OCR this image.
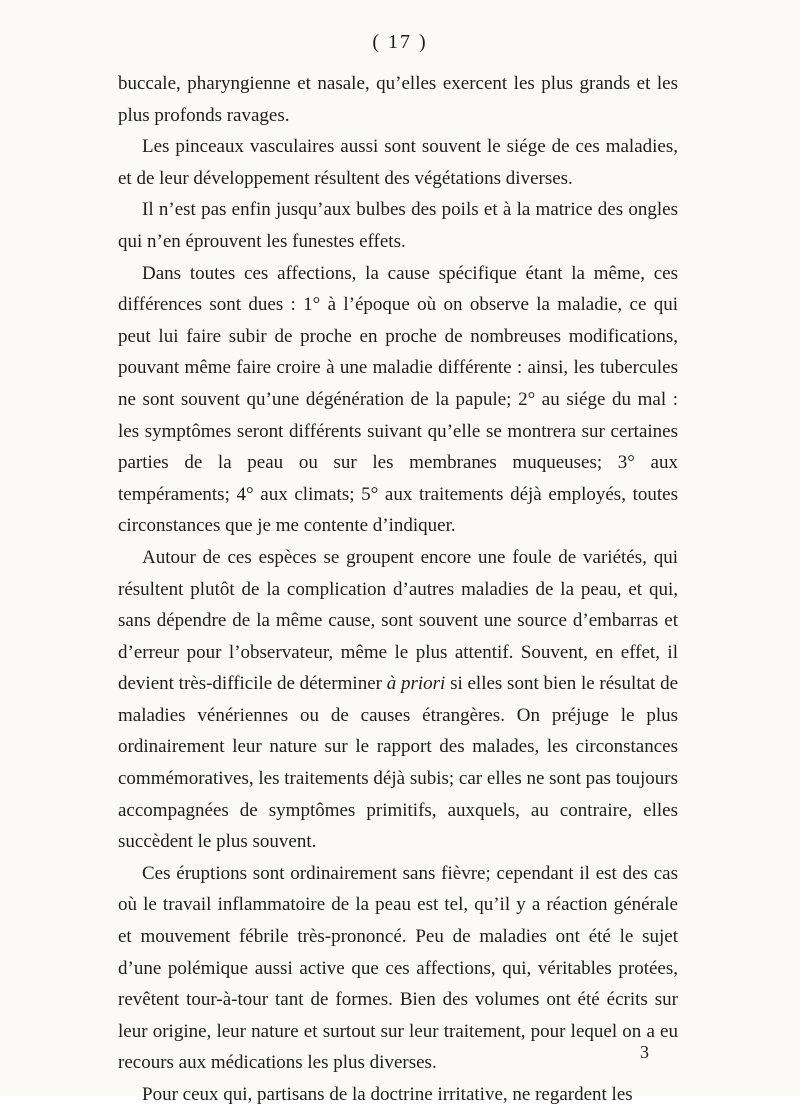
( 17 )

buccale, pharyngienne et nasale, qu’elles exercent les plus grands et les plus profonds ravages.

Les pinceaux vasculaires aussi sont souvent le siége de ces maladies, et de leur développement résultent des végétations diverses.

Il n’est pas enfin jusqu’aux bulbes des poils et à la matrice des ongles qui n’en éprouvent les funestes effets.

Dans toutes ces affections, la cause spécifique étant la même, ces différences sont dues : 1° à l’époque où on observe la maladie, ce qui peut lui faire subir de proche en proche de nombreuses modifications, pouvant même faire croire à une maladie différente : ainsi, les tubercules ne sont souvent qu’une dégénération de la papule; 2° au siége du mal : les symptômes seront différents suivant qu’elle se montrera sur certaines parties de la peau ou sur les membranes muqueuses; 3° aux tempéraments; 4° aux climats; 5° aux traitements déjà employés, toutes circonstances que je me contente d’indiquer.

Autour de ces espèces se groupent encore une foule de variétés, qui résultent plutôt de la complication d’autres maladies de la peau, et qui, sans dépendre de la même cause, sont souvent une source d’embarras et d’erreur pour l’observateur, même le plus attentif. Souvent, en effet, il devient très-difficile de déterminer à priori si elles sont bien le résultat de maladies vénériennes ou de causes étrangères. On préjuge le plus ordinairement leur nature sur le rapport des malades, les circonstances commémoratives, les traitements déjà subis; car elles ne sont pas toujours accompagnées de symptômes primitifs, auxquels, au contraire, elles succèdent le plus souvent.

Ces éruptions sont ordinairement sans fièvre; cependant il est des cas où le travail inflammatoire de la peau est tel, qu’il y a réaction générale et mouvement fébrile très-prononcé. Peu de maladies ont été le sujet d’une polémique aussi active que ces affections, qui, véritables protées, revêtent tour-à-tour tant de formes. Bien des volumes ont été écrits sur leur origine, leur nature et surtout sur leur traitement, pour lequel on a eu recours aux médications les plus diverses.

Pour ceux qui, partisans de la doctrine irritative, ne regardent les

3
